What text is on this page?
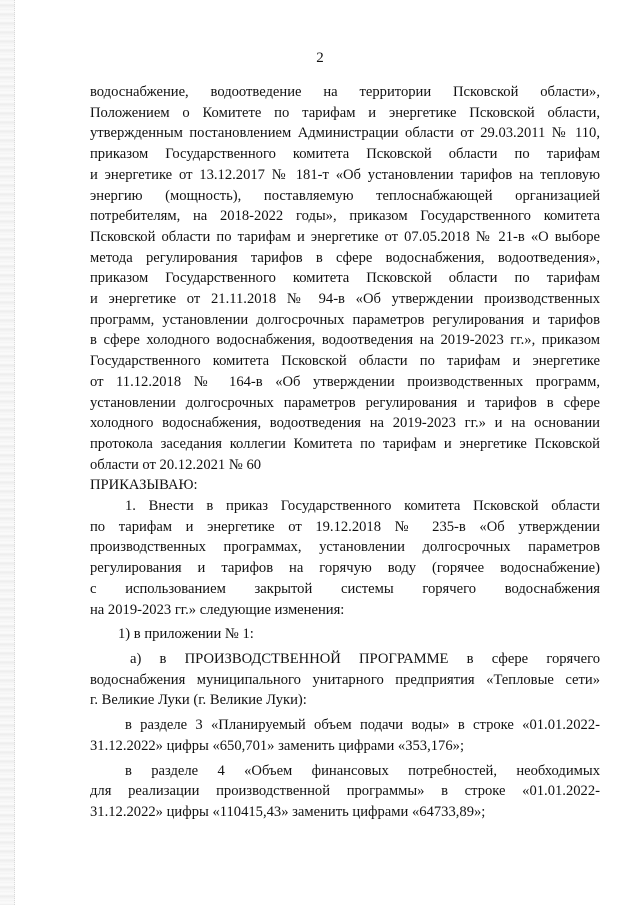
2
водоснабжение, водоотведение на территории Псковской области»,
Положением о Комитете по тарифам и энергетике Псковской области,
утвержденным постановлением Администрации области от 29.03.2011 № 110,
приказом Государственного комитета Псковской области по тарифам
и энергетике от 13.12.2017 № 181-т «Об установлении тарифов на тепловую
энергию (мощность), поставляемую теплоснабжающей организацией
потребителям, на 2018-2022 годы», приказом Государственного комитета
Псковской области по тарифам и энергетике от 07.05.2018 № 21-в «О выборе
метода регулирования тарифов в сфере водоснабжения, водоотведения»,
приказом Государственного комитета Псковской области по тарифам
и энергетике от 21.11.2018 № 94-в «Об утверждении производственных
программ, установлении долгосрочных параметров регулирования и тарифов
в сфере холодного водоснабжения, водоотведения на 2019-2023 гг.», приказом
Государственного комитета Псковской области по тарифам и энергетике
от 11.12.2018 № 164-в «Об утверждении производственных программ,
установлении долгосрочных параметров регулирования и тарифов в сфере
холодного водоснабжения, водоотведения на 2019-2023 гг.» и на основании
протокола заседания коллегии Комитета по тарифам и энергетике Псковской
области от 20.12.2021 № 60
ПРИКАЗЫВАЮ:
1. Внести в приказ Государственного комитета Псковской области
по тарифам и энергетике от 19.12.2018 № 235-в «Об утверждении
производственных программах, установлении долгосрочных параметров
регулирования и тарифов на горячую воду (горячее водоснабжение)
с использованием закрытой системы горячего водоснабжения
на 2019-2023 гг.» следующие изменения:
1) в приложении № 1:
а) в ПРОИЗВОДСТВЕННОЙ ПРОГРАММЕ в сфере горячего
водоснабжения муниципального унитарного предприятия «Тепловые сети»
г. Великие Луки (г. Великие Луки):
в разделе 3 «Планируемый объем подачи воды» в строке «01.01.2022-
31.12.2022» цифры «650,701» заменить цифрами «353,176»;
в разделе 4 «Объем финансовых потребностей, необходимых
для реализации производственной программы» в строке «01.01.2022-
31.12.2022» цифры «110415,43» заменить цифрами «64733,89»;
